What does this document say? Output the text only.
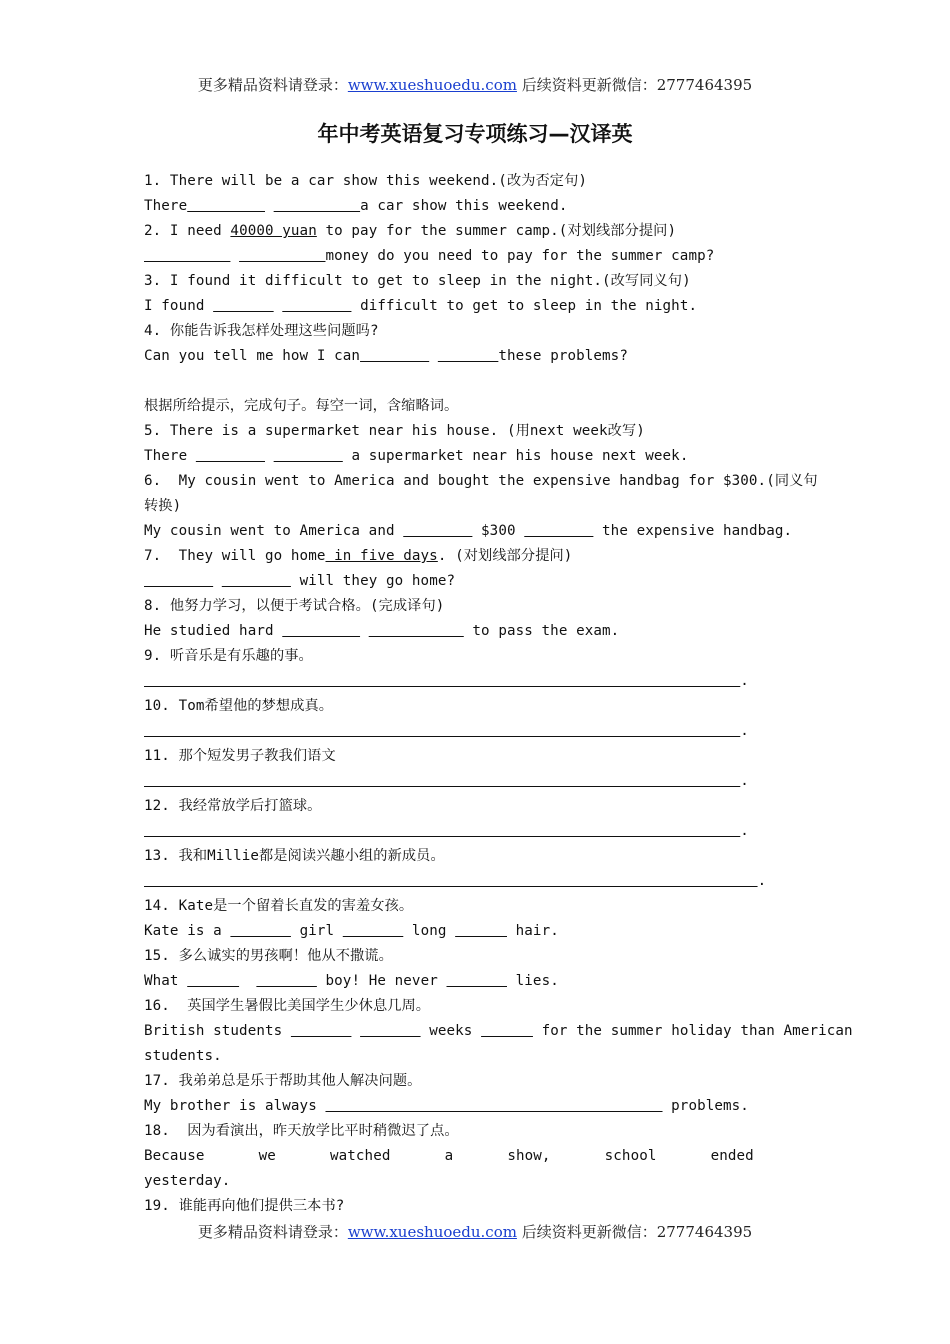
更多精品资料请登录：www.xueshuoedu.com 后续资料更新微信：2777464395
年中考英语复习专项练习—汉译英
1. There will be a car show this weekend.(改为否定句)
There	a car show this weekend.
2. I need 40000 yuan to pay for the summer camp.(对划线部分提问)
money do you need to pay for the summer camp?
3. I found it difficult to get to sleep in the night.(改写同义句)
I found	difficult to get to sleep in the night.
4. 你能告诉我怎样处理这些问题吗?
Can you tell me how I can	these problems?
根据所给提示，完成句子。每空一词，含缩略词。
5. There is a supermarket near his house. (用next week改写)
There	a supermarket near his house next week.
6.  My cousin went to America and bought the expensive handbag for $300.(同义句
转换)
My cousin went to America and	$300	the expensive handbag.
7.  They will go home in five days. (对划线部分提问)
will they go home?
8. 他努力学习，以便于考试合格。(完成译句)
He studied hard	to pass the exam.
9. 听音乐是有乐趣的事。
.
10. Tom希望他的梦想成真。
.
11. 那个短发男子教我们语文
.
12. 我经常放学后打篮球。
.
13. 我和Millie都是阅读兴趣小组的新成员。
.
14. Kate是一个留着长直发的害羞女孩。
Kate is a	girl	long	hair.
15. 多么诚实的男孩啊！他从不撒谎。
What	boy! He never	lies.
16.  英国学生暑假比美国学生少休息几周。
British students	weeks	for the summer holiday than American
students.
17. 我弟弟总是乐于帮助其他人解决问题。
My brother is always	problems.
18.  因为看演出，昨天放学比平时稍微迟了点。
Because	we	watched	a	show,	school	ended
yesterday.
19. 谁能再向他们提供三本书?
更多精品资料请登录：www.xueshuoedu.com 后续资料更新微信：2777464395
